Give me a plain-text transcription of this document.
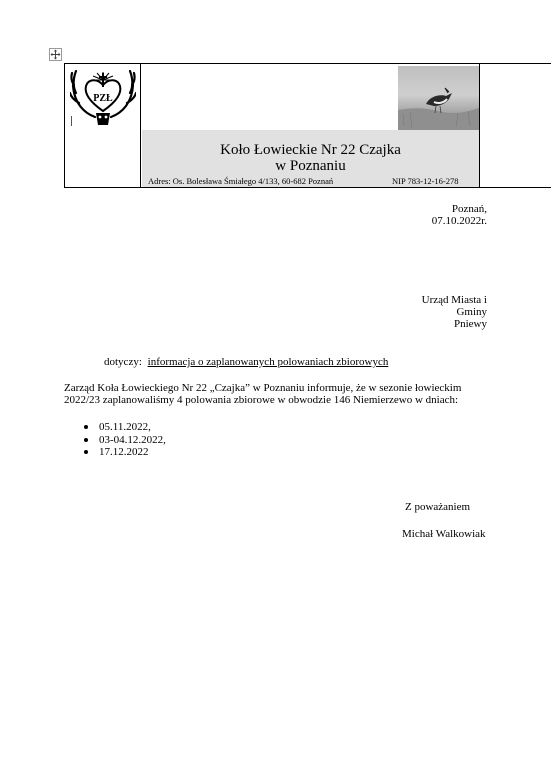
PZŁ
Koło Łowieckie Nr 22 Czajka
w Poznaniu
Adres: Os. Bolesława Śmiałego 4/133, 60-682 Poznań	NIP 783-12-16-278
Poznań,
07.10.2022r.
Urząd Miasta i
Gminy
Pniewy
dotyczy: informacja o zaplanowanych polowaniach zbiorowych
Zarząd Koła Łowieckiego Nr 22 „Czajka” w Poznaniu informuje, że w sezonie łowieckim 2022/23 zaplanowaliśmy 4 polowania zbiorowe w obwodzie 146 Niemierzewo w dniach:
05.11.2022,
03-04.12.2022,
17.12.2022
Z poważaniem
Michał Walkowiak
